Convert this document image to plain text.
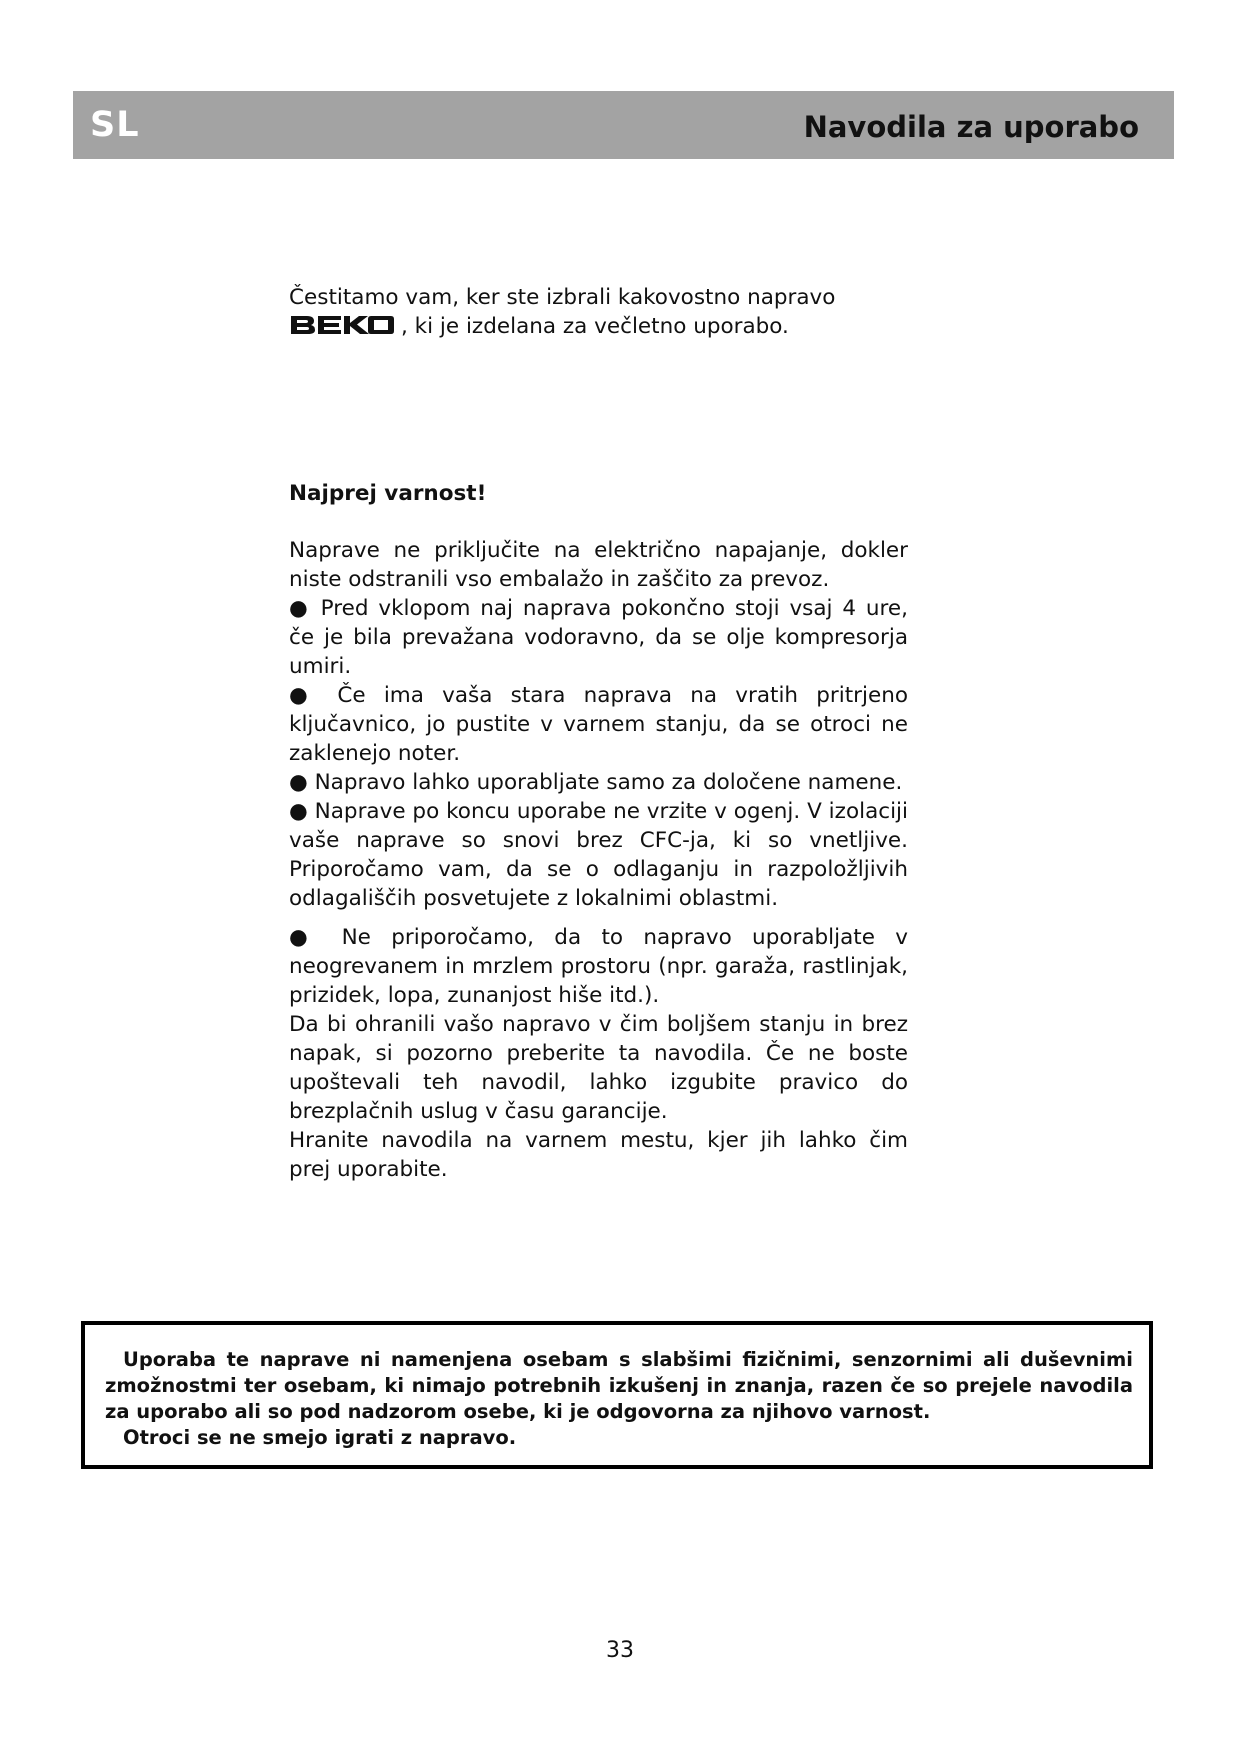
SL	Navodila za uporabo

Čestitamo vam, ker ste izbrali kakovostno napravo

, ki je izdelana za večletno uporabo.

Najprej varnost!

Naprave ne priključite na električno napajanje, dokler niste odstranili vso embalažo in zaščito za prevoz.

● Pred vklopom naj naprava pokončno stoji vsaj 4 ure, če je bila prevažana vodoravno, da se olje kompresorja umiri.

● Če ima vaša stara naprava na vratih pritrjeno ključavnico, jo pustite v varnem stanju, da se otroci ne zaklenejo noter.

● Napravo lahko uporabljate samo za določene namene.

● Naprave po koncu uporabe ne vrzite v ogenj. V izolaciji vaše naprave so snovi brez CFC-ja, ki so vnetljive. Priporočamo vam, da se o odlaganju in razpoložljivih odlagališčih posvetujete z lokalnimi oblastmi.

● Ne priporočamo, da to napravo uporabljate v neogrevanem in mrzlem prostoru (npr. garaža, rastlinjak, prizidek, lopa, zunanjost hiše itd.).

Da bi ohranili vašo napravo v čim boljšem stanju in brez napak, si pozorno preberite ta navodila. Če ne boste upoštevali teh navodil, lahko izgubite pravico do brezplačnih uslug v času garancije.

Hranite navodila na varnem mestu, kjer jih lahko čim prej uporabite.

Uporaba te naprave ni namenjena osebam s slabšimi fizičnimi, senzornimi ali duševnimi zmožnostmi ter osebam, ki nimajo potrebnih izkušenj in znanja, razen če so prejele navodila za uporabo ali so pod nadzorom osebe, ki je odgovorna za njihovo varnost.

Otroci se ne smejo igrati z napravo.

33
